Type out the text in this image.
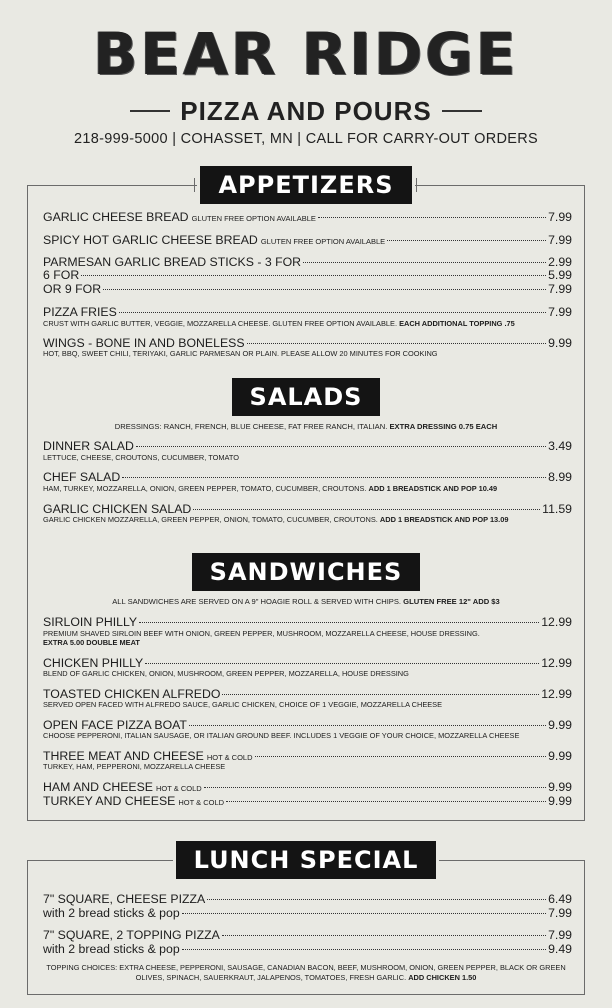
BEAR RIDGE
PIZZA AND POURS
218-999-5000 | COHASSET, MN | CALL FOR CARRY-OUT ORDERS
APPETIZERS
GARLIC CHEESE BREAD GLUTEN FREE OPTION AVAILABLE	7.99
SPICY HOT GARLIC CHEESE BREAD GLUTEN FREE OPTION AVAILABLE	7.99
PARMESAN GARLIC BREAD STICKS - 3 FOR	2.99
6 FOR	5.99
OR 9 FOR	7.99
PIZZA FRIES	7.99
CRUST WITH GARLIC BUTTER, VEGGIE, MOZZARELLA CHEESE. GLUTEN FREE OPTION AVAILABLE. EACH ADDITIONAL TOPPING .75
WINGS - BONE IN AND BONELESS	9.99
HOT, BBQ, SWEET CHILI, TERIYAKI, GARLIC PARMESAN OR PLAIN. PLEASE ALLOW 20 MINUTES FOR COOKING
SALADS
DRESSINGS: RANCH, FRENCH, BLUE CHEESE, FAT FREE RANCH, ITALIAN. EXTRA DRESSING 0.75 EACH
DINNER SALAD	3.49
LETTUCE, CHEESE, CROUTONS, CUCUMBER, TOMATO
CHEF SALAD	8.99
HAM, TURKEY, MOZZARELLA, ONION, GREEN PEPPER, TOMATO, CUCUMBER, CROUTONS. ADD 1 BREADSTICK AND POP 10.49
GARLIC CHICKEN SALAD	11.59
GARLIC CHICKEN MOZZARELLA, GREEN PEPPER, ONION, TOMATO, CUCUMBER, CROUTONS. ADD 1 BREADSTICK AND POP 13.09
SANDWICHES
ALL SANDWICHES ARE SERVED ON A 9" HOAGIE ROLL & SERVED WITH CHIPS. GLUTEN FREE 12" ADD $3
SIRLOIN PHILLY	12.99
PREMIUM SHAVED SIRLOIN BEEF WITH ONION, GREEN PEPPER, MUSHROOM, MOZZARELLA CHEESE, HOUSE DRESSING.
EXTRA 5.00 DOUBLE MEAT
CHICKEN PHILLY	12.99
BLEND OF GARLIC CHICKEN, ONION, MUSHROOM, GREEN PEPPER, MOZZARELLA, HOUSE DRESSING
TOASTED CHICKEN ALFREDO	12.99
SERVED OPEN FACED WITH ALFREDO SAUCE, GARLIC CHICKEN, CHOICE OF 1 VEGGIE, MOZZARELLA CHEESE
OPEN FACE PIZZA BOAT	9.99
CHOOSE PEPPERONI, ITALIAN SAUSAGE, OR ITALIAN GROUND BEEF. INCLUDES 1 VEGGIE OF YOUR CHOICE, MOZZARELLA CHEESE
THREE MEAT AND CHEESE HOT & COLD	9.99
TURKEY, HAM, PEPPERONI, MOZZARELLA CHEESE
HAM AND CHEESE HOT & COLD	9.99
TURKEY AND CHEESE HOT & COLD	9.99
LUNCH SPECIAL
7" SQUARE, CHEESE PIZZA	6.49
with 2 bread sticks & pop	7.99
7" SQUARE, 2 TOPPING PIZZA	7.99
with 2 bread sticks & pop	9.49
TOPPING CHOICES: EXTRA CHEESE, PEPPERONI, SAUSAGE, CANADIAN BACON, BEEF, MUSHROOM, ONION, GREEN PEPPER, BLACK OR GREEN OLIVES, SPINACH, SAUERKRAUT, JALAPENOS, TOMATOES, FRESH GARLIC. ADD CHICKEN 1.50
